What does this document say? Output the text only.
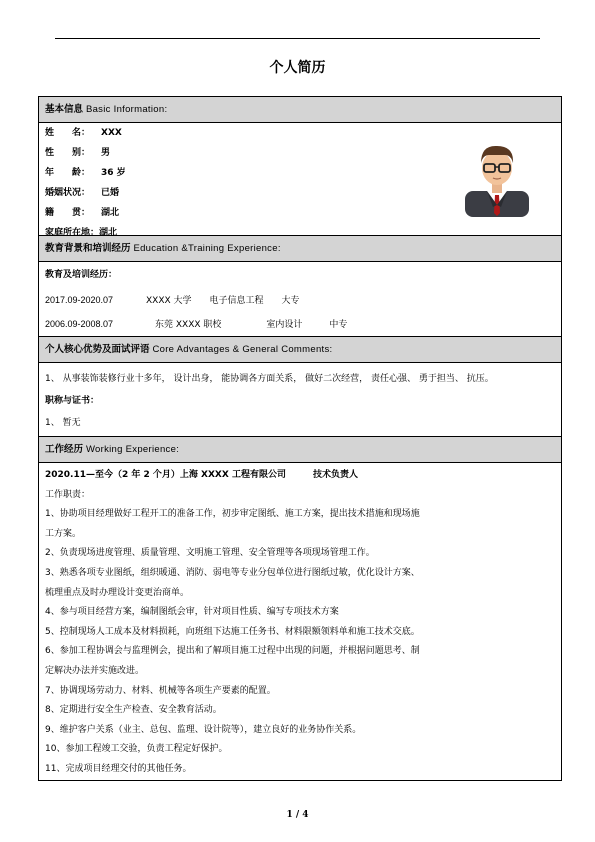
个人简历
基本信息 Basic Information:
姓　　名： XXX
性　　别： 男
年　　龄： 36 岁
婚姻状况： 已婚
籍　　贯： 湖北
家庭所在地：湖北
教育背景和培训经历 Education &Training Experience:
教育及培训经历：
2017.09-2020.07	XXXX 大学　　电子信息工程　　大专
2006.09-2008.07	　东莞 XXXX 职校　　　　　室内设计　　　中专
个人核心优势及面试评语 Core Advantages & General Comments:
1、 从事装饰装修行业十多年， 设计出身， 能协调各方面关系， 做好二次经营， 责任心强、 勇于担当、 抗压。
职称与证书：
1、 暂无
工作经历 Working Experience:
2020.11—至今（2 年 2 个月）上海 XXXX 工程有限公司　　　技术负责人
工作职责：
1、协助项目经理做好工程开工的准备工作，初步审定图纸、施工方案，提出技术措施和现场施
工方案。
2、负责现场进度管理、质量管理、文明施工管理、安全管理等各项现场管理工作。
3、熟悉各项专业图纸，组织暖通、消防、弱电等专业分包单位进行图纸过敏，优化设计方案、
梳理重点及时办理设计变更治商单。
4、参与项目经营方案，编制图纸会审，针对项目性质、编写专项技术方案
5、控制现场人工成本及材料损耗，向班组下达施工任务书、材料限额领料单和施工技术交底。
6、参加工程协调会与监理例会，提出和了解项目施工过程中出现的问题，并根据问题思考、制
定解决办法并实施改进。
7、协调现场劳动力、材料、机械等各项生产要素的配置。
8、定期进行安全生产检查、安全教育活动。
9、维护客户关系（业主、总包、监理、设计院等），建立良好的业务协作关系。
10、参加工程竣工交验，负责工程定好保护。
11、完成项目经理交付的其他任务。
1 / 4
